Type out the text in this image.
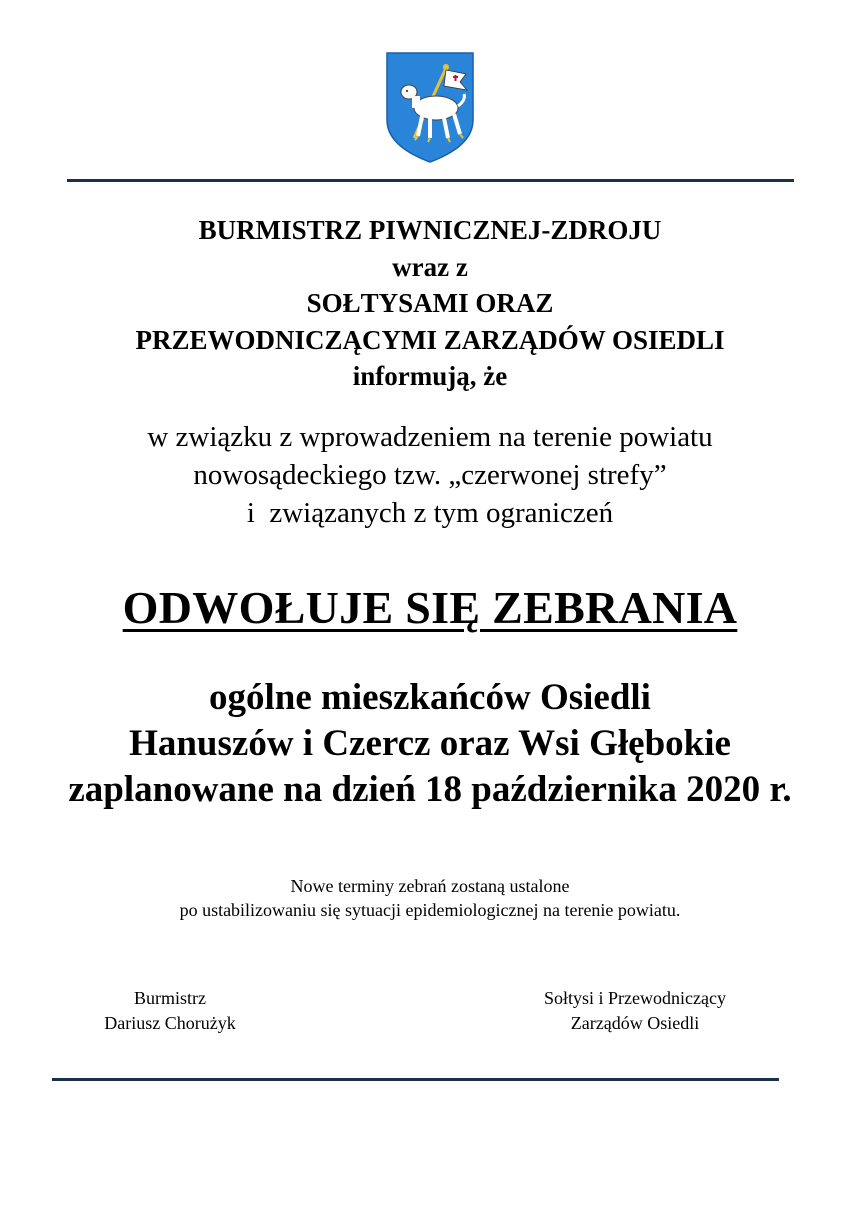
BURMISTRZ PIWNICZNEJ-ZDROJU
wraz z
SOŁTYSAMI ORAZ
PRZEWODNICZĄCYMI ZARZĄDÓW OSIEDLI
informują, że
w związku z wprowadzeniem na terenie powiatu
nowosądeckiego tzw. „czerwonej strefy”
i  związanych z tym ograniczeń
ODWOŁUJE SIĘ ZEBRANIA
ogólne mieszkańców Osiedli
Hanuszów i Czercz oraz Wsi Głębokie
zaplanowane na dzień 18 października 2020 r.
Nowe terminy zebrań zostaną ustalone
po ustabilizowaniu się sytuacji epidemiologicznej na terenie powiatu.
Burmistrz
Dariusz Chorużyk
Sołtysi i Przewodniczący
Zarządów Osiedli
